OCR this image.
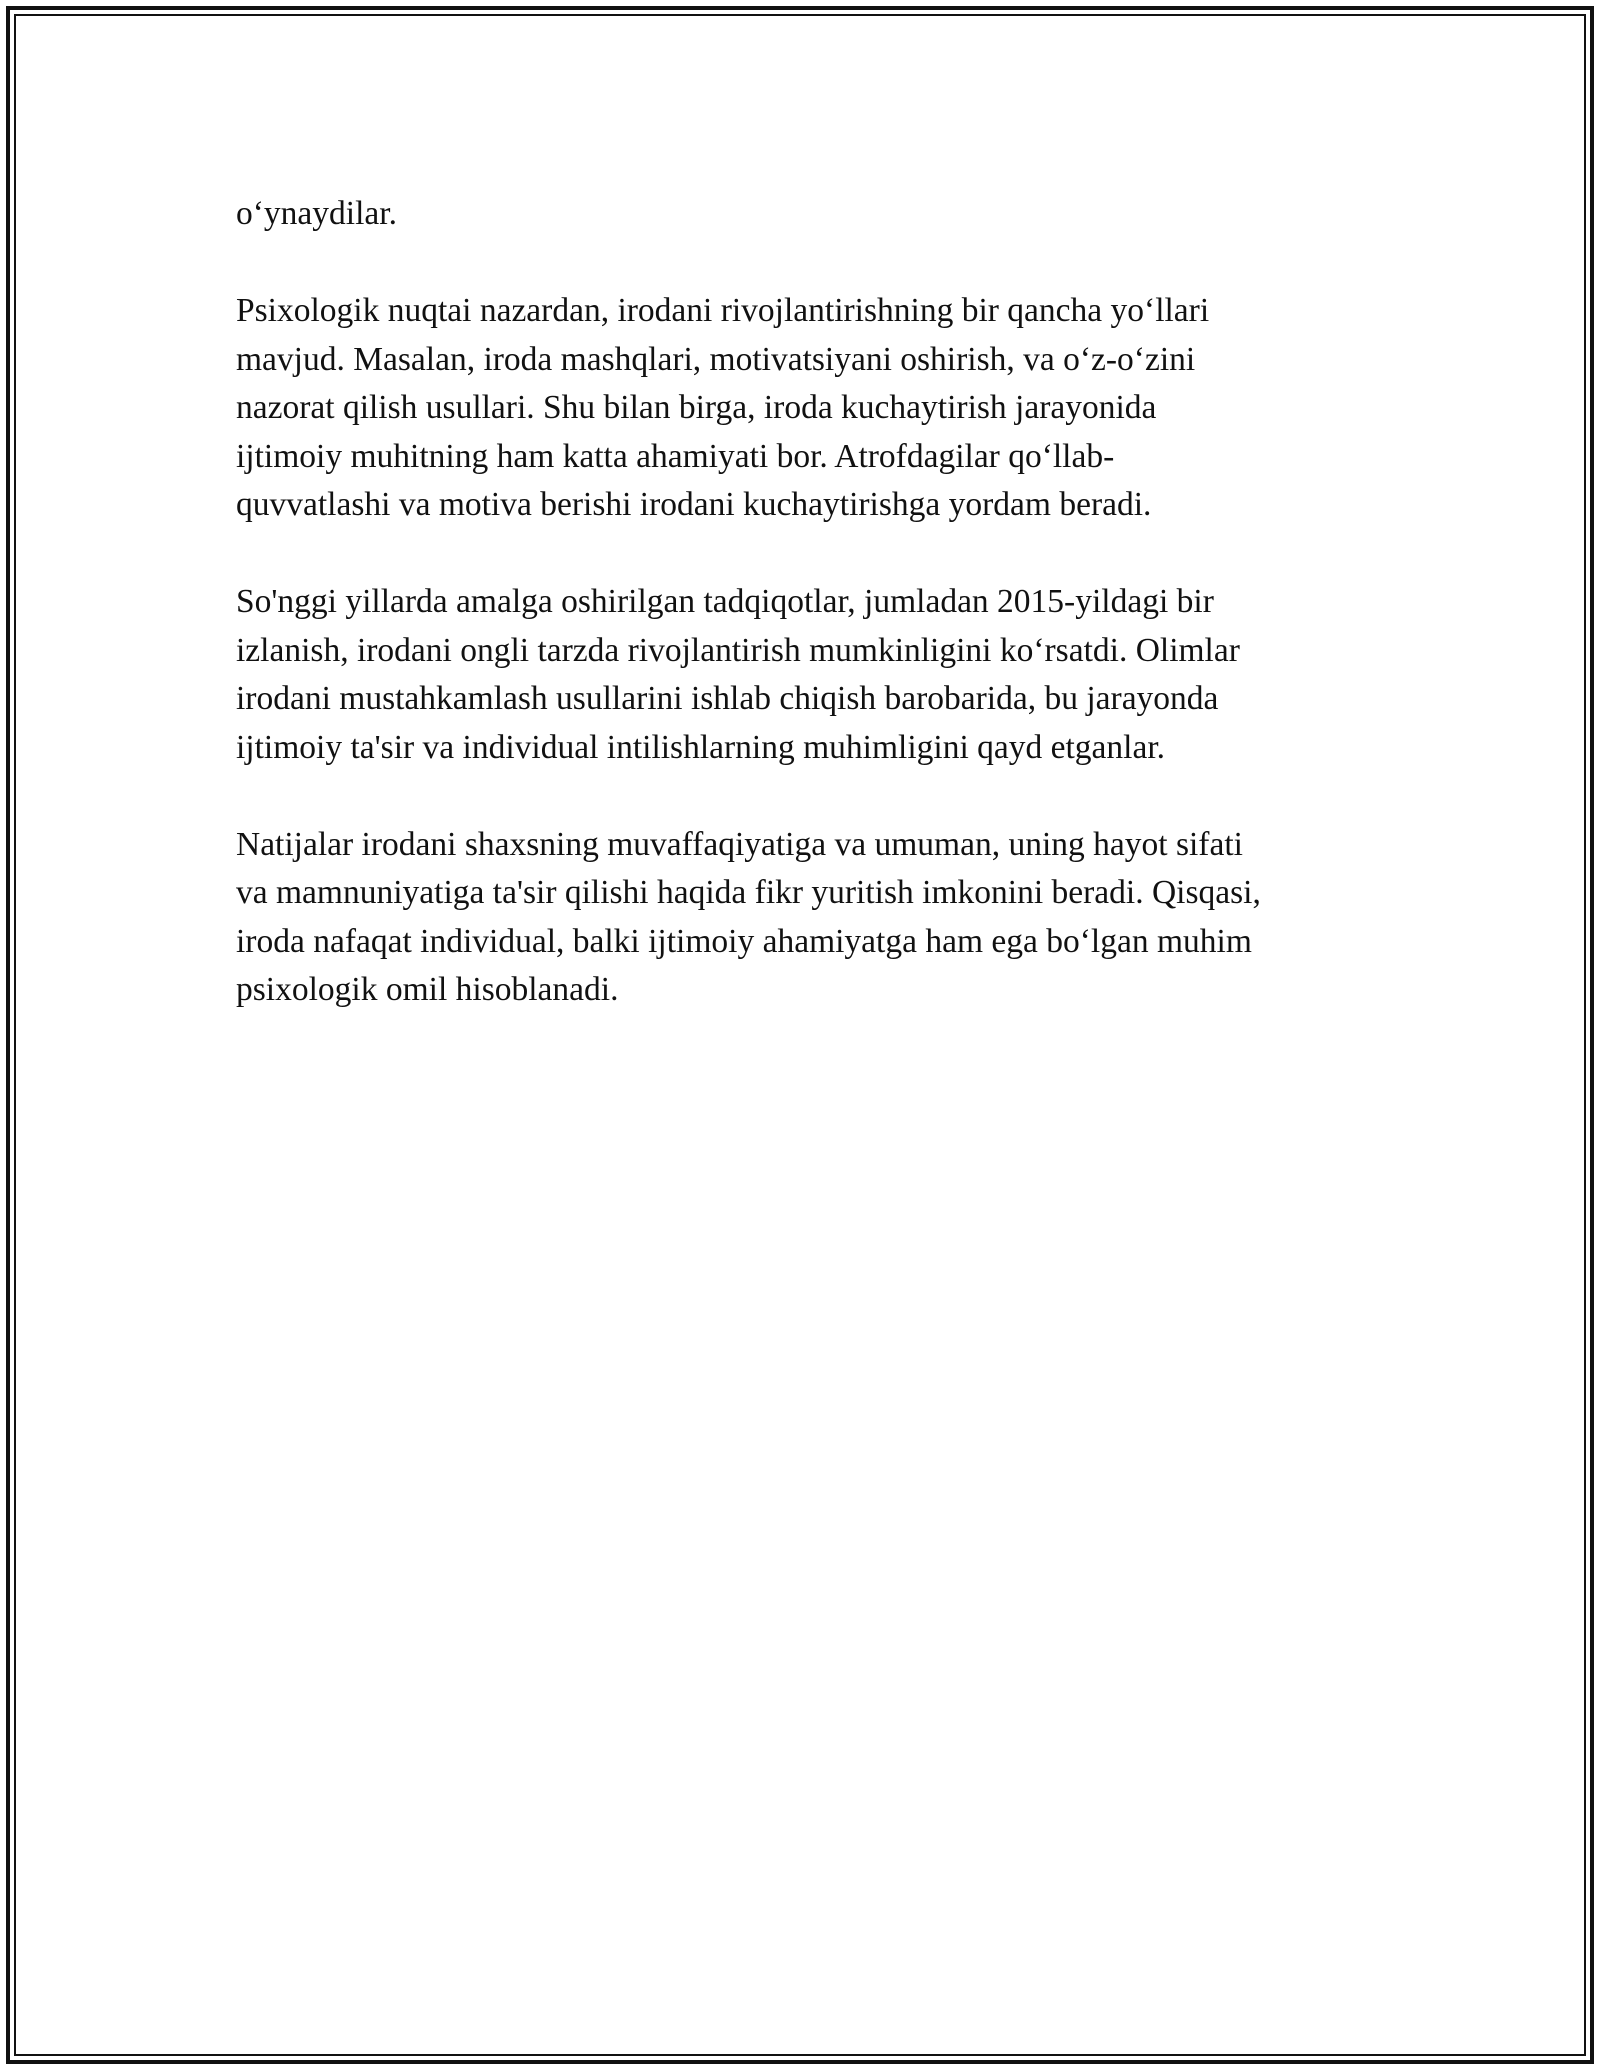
o‘ynaydilar.

Psixologik nuqtai nazardan, irodani rivojlantirishning bir qancha yo‘llari
mavjud. Masalan, iroda mashqlari, motivatsiyani oshirish, va o‘z-o‘zini
nazorat qilish usullari. Shu bilan birga, iroda kuchaytirish jarayonida
ijtimoiy muhitning ham katta ahamiyati bor. Atrofdagilar qo‘llab-
quvvatlashi va motiva berishi irodani kuchaytirishga yordam beradi.

So'nggi yillarda amalga oshirilgan tadqiqotlar, jumladan 2015-yildagi bir
izlanish, irodani ongli tarzda rivojlantirish mumkinligini ko‘rsatdi. Olimlar
irodani mustahkamlash usullarini ishlab chiqish barobarida, bu jarayonda
ijtimoiy ta'sir va individual intilishlarning muhimligini qayd etganlar.

Natijalar irodani shaxsning muvaffaqiyatiga va umuman, uning hayot sifati
va mamnuniyatiga ta'sir qilishi haqida fikr yuritish imkonini beradi. Qisqasi,
iroda nafaqat individual, balki ijtimoiy ahamiyatga ham ega bo‘lgan muhim
psixologik omil hisoblanadi.
